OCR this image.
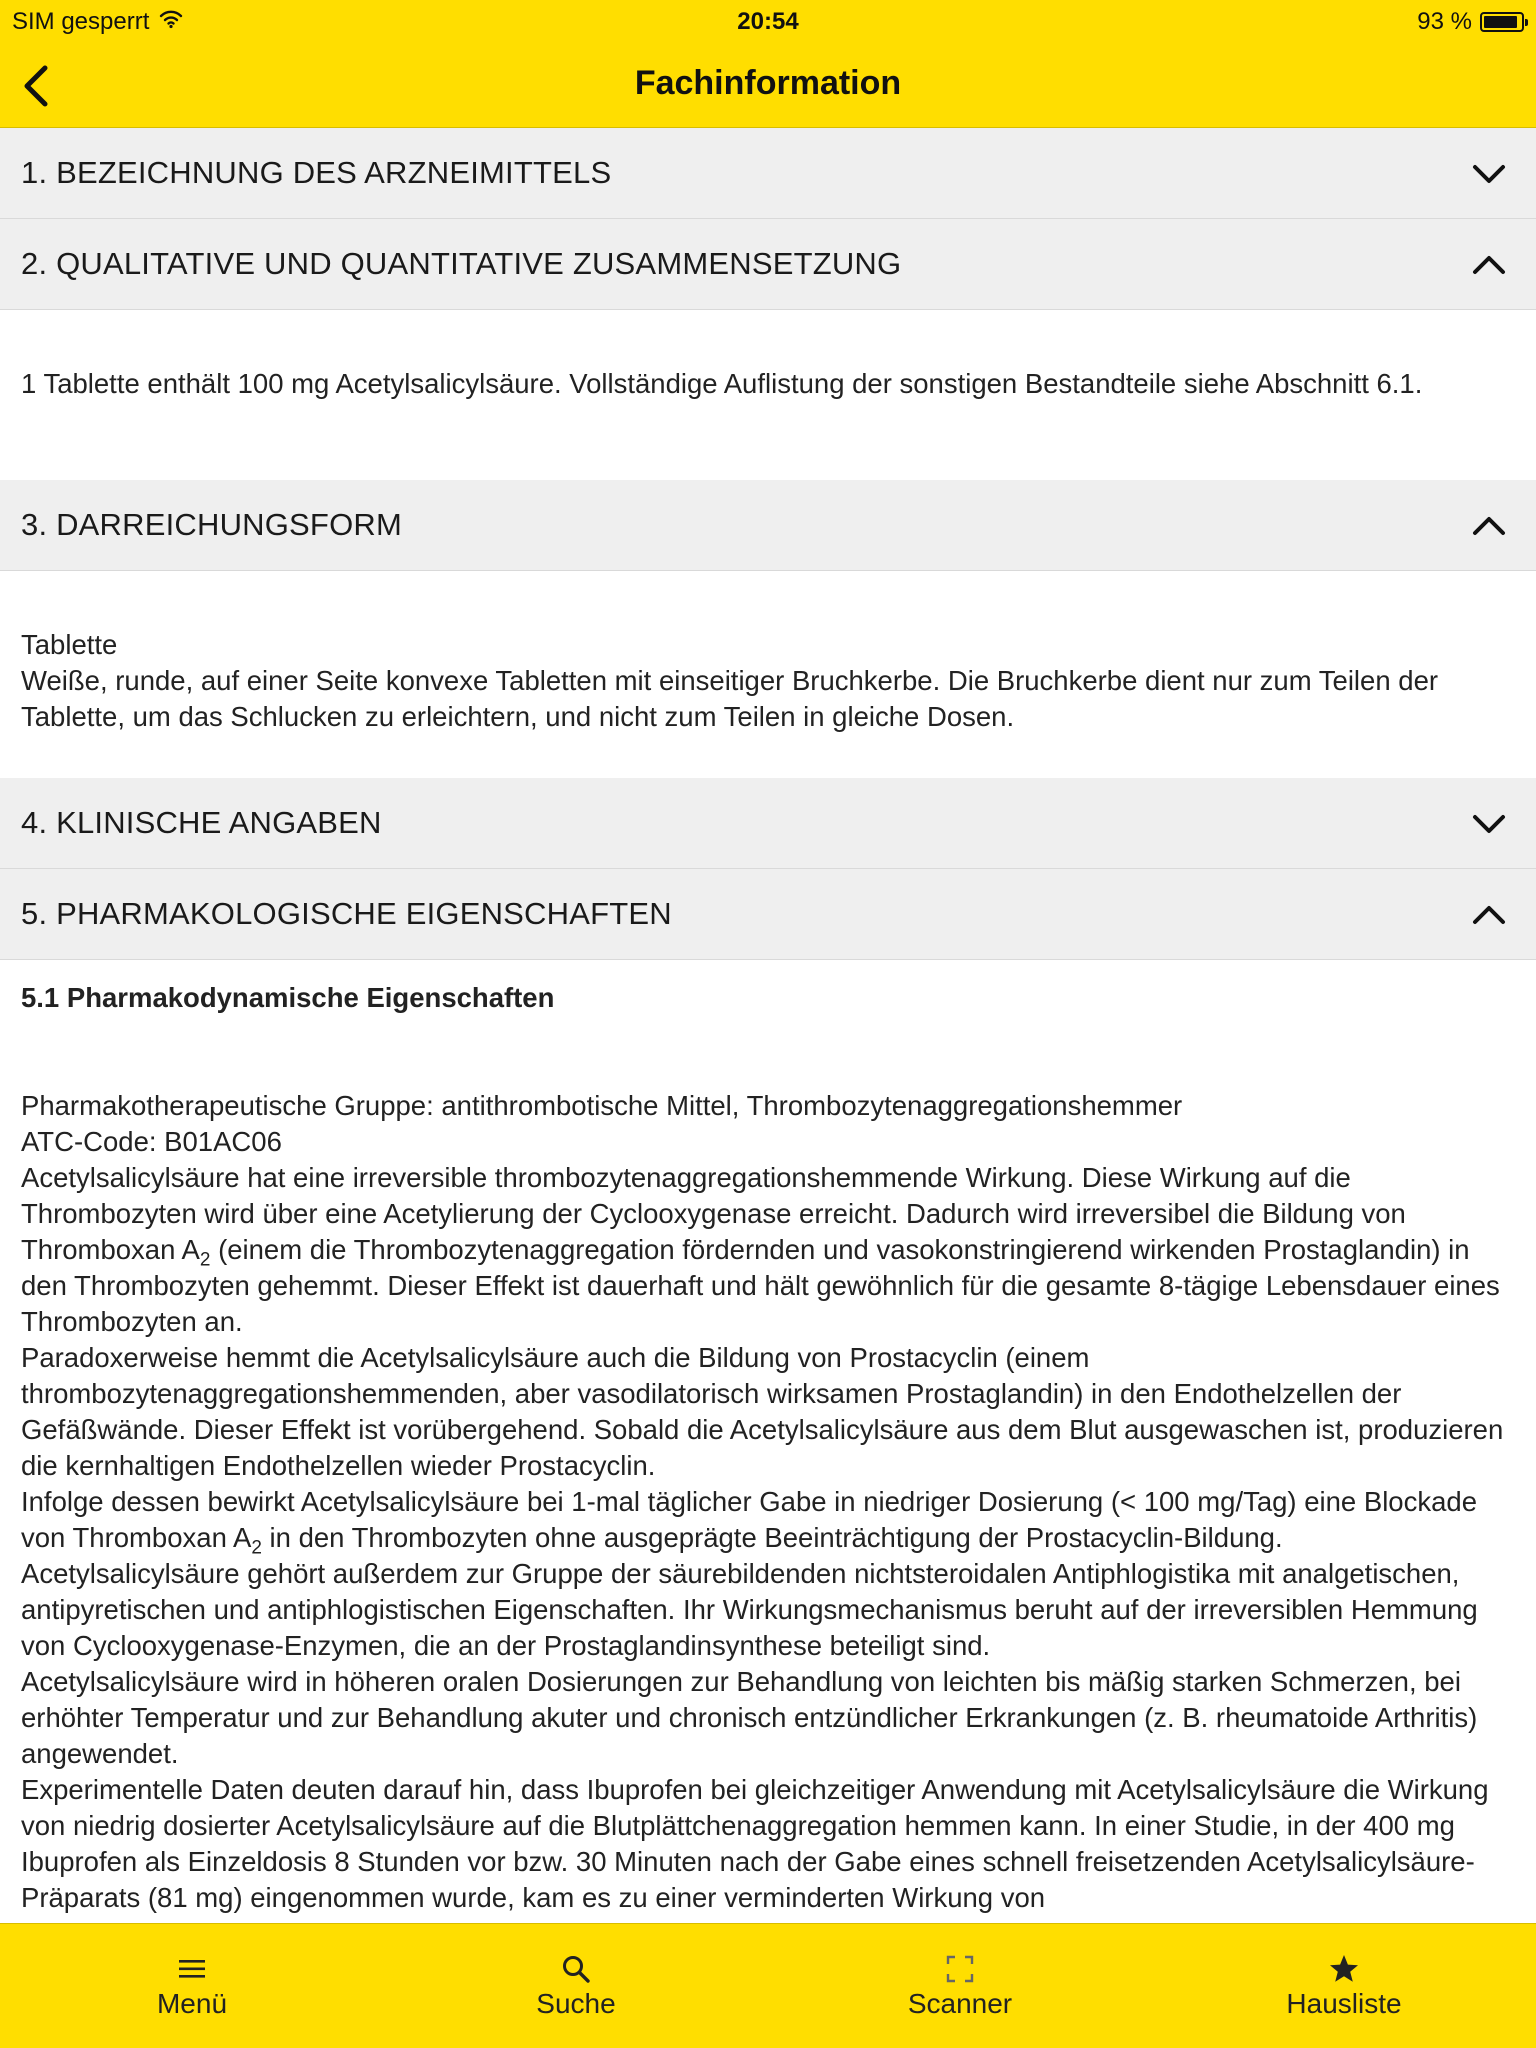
SIM gesperrt	20:54	93 %
Fachinformation
1. BEZEICHNUNG DES ARZNEIMITTELS
2. QUALITATIVE UND QUANTITATIVE ZUSAMMENSETZUNG

1 Tablette enthält 100 mg Acetylsalicylsäure. Vollständige Auflistung der sonstigen Bestandteile siehe Abschnitt 6.1.

3. DARREICHUNGSFORM

Tablette

Weiße, runde, auf einer Seite konvexe Tabletten mit einseitiger Bruchkerbe. Die Bruchkerbe dient nur zum Teilen der Tablette, um das Schlucken zu erleichtern, und nicht zum Teilen in gleiche Dosen.

4. KLINISCHE ANGABEN
5. PHARMAKOLOGISCHE EIGENSCHAFTEN

5.1 Pharmakodynamische Eigenschaften

Pharmakotherapeutische Gruppe: antithrombotische Mittel, Thrombozytenaggregationshemmer

ATC-Code: B01AC06

Acetylsalicylsäure hat eine irreversible thrombozytenaggregationshemmende Wirkung. Diese Wirkung auf die Thrombozyten wird über eine Acetylierung der Cyclooxygenase erreicht. Dadurch wird irreversibel die Bildung von Thromboxan $A_2$ (einem die Thrombozytenaggregation fördernden und vasokonstringierend wirkenden Prostaglandin) in den Thrombozyten gehemmt. Dieser Effekt ist dauerhaft und hält gewöhnlich für die gesamte 8-tägige Lebensdauer eines Thrombozyten an.

Paradoxerweise hemmt die Acetylsalicylsäure auch die Bildung von Prostacyclin (einem thrombozytenaggregationshemmenden, aber vasodilatorisch wirksamen Prostaglandin) in den Endothelzellen der Gefäßwände. Dieser Effekt ist vorübergehend. Sobald die Acetylsalicylsäure aus dem Blut ausgewaschen ist, produzieren die kernhaltigen Endothelzellen wieder Prostacyclin.

Infolge dessen bewirkt Acetylsalicylsäure bei 1-mal täglicher Gabe in niedriger Dosierung (< 100 mg/Tag) eine Blockade von Thromboxan $A_2$ in den Thrombozyten ohne ausgeprägte Beeinträchtigung der Prostacyclin-Bildung.

Acetylsalicylsäure gehört außerdem zur Gruppe der säurebildenden nichtsteroidalen Antiphlogistika mit analgetischen, antipyretischen und antiphlogistischen Eigenschaften. Ihr Wirkungsmechanismus beruht auf der irreversiblen Hemmung von Cyclooxygenase-Enzymen, die an der Prostaglandinsynthese beteiligt sind.

Acetylsalicylsäure wird in höheren oralen Dosierungen zur Behandlung von leichten bis mäßig starken Schmerzen, bei erhöhter Temperatur und zur Behandlung akuter und chronisch entzündlicher Erkrankungen (z. B. rheumatoide Arthritis) angewendet.

Experimentelle Daten deuten darauf hin, dass Ibuprofen bei gleichzeitiger Anwendung mit Acetylsalicylsäure die Wirkung von niedrig dosierter Acetylsalicylsäure auf die Blutplättchenaggregation hemmen kann. In einer Studie, in der 400 mg Ibuprofen als Einzeldosis 8 Stunden vor bzw. 30 Minuten nach der Gabe eines schnell freisetzenden Acetylsalicylsäure-Präparats (81 mg) eingenommen wurde, kam es zu einer verminderten Wirkung von

Menü	Suche	Scanner	Hausliste
